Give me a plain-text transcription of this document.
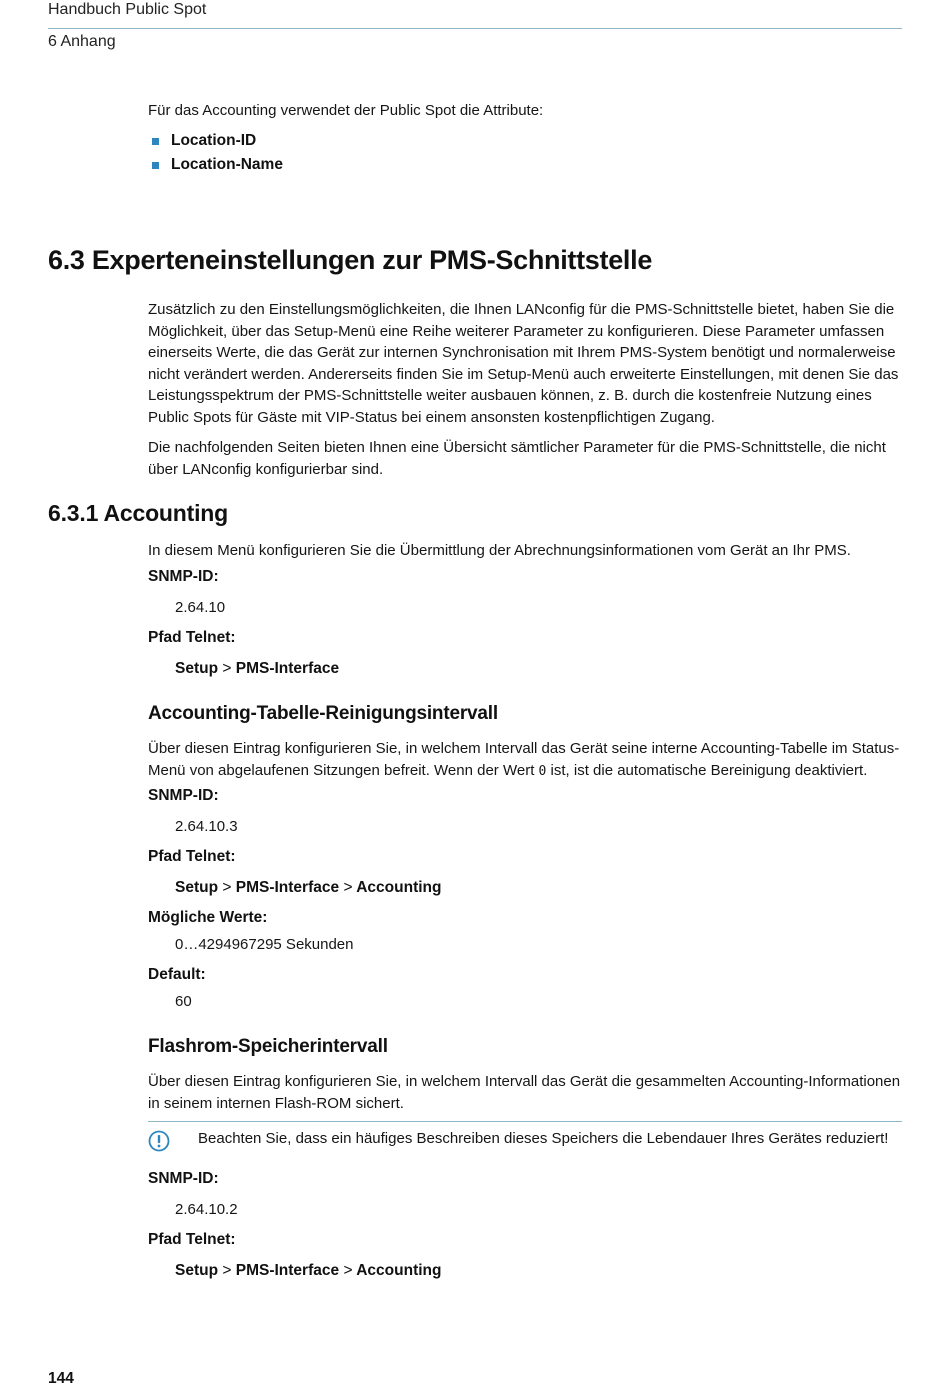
Handbuch Public Spot
6 Anhang
Für das Accounting verwendet der Public Spot die Attribute:
Location-ID
Location-Name
6.3 Experteneinstellungen zur PMS-Schnittstelle
Zusätzlich zu den Einstellungsmöglichkeiten, die Ihnen LANconfig für die PMS-Schnittstelle bietet, haben Sie die Möglichkeit, über das Setup-Menü eine Reihe weiterer Parameter zu konfigurieren. Diese Parameter umfassen einerseits Werte, die das Gerät zur internen Synchronisation mit Ihrem PMS-System benötigt und normalerweise nicht verändert werden. Andererseits finden Sie im Setup-Menü auch erweiterte Einstellungen, mit denen Sie das Leistungsspektrum der PMS-Schnittstelle weiter ausbauen können, z. B. durch die kostenfreie Nutzung eines Public Spots für Gäste mit VIP-Status bei einem ansonsten kostenpflichtigen Zugang.
Die nachfolgenden Seiten bieten Ihnen eine Übersicht sämtlicher Parameter für die PMS-Schnittstelle, die nicht über LANconfig konfigurierbar sind.
6.3.1 Accounting
In diesem Menü konfigurieren Sie die Übermittlung der Abrechnungsinformationen vom Gerät an Ihr PMS.
SNMP-ID:
2.64.10
Pfad Telnet:
Setup > PMS-Interface
Accounting-Tabelle-Reinigungsintervall
Über diesen Eintrag konfigurieren Sie, in welchem Intervall das Gerät seine interne Accounting-Tabelle im Status-Menü von abgelaufenen Sitzungen befreit. Wenn der Wert 0 ist, ist die automatische Bereinigung deaktiviert.
SNMP-ID:
2.64.10.3
Pfad Telnet:
Setup > PMS-Interface > Accounting
Mögliche Werte:
0…4294967295 Sekunden
Default:
60
Flashrom-Speicherintervall
Über diesen Eintrag konfigurieren Sie, in welchem Intervall das Gerät die gesammelten Accounting-Informationen in seinem internen Flash-ROM sichert.
Beachten Sie, dass ein häufiges Beschreiben dieses Speichers die Lebendauer Ihres Gerätes reduziert!
SNMP-ID:
2.64.10.2
Pfad Telnet:
Setup > PMS-Interface > Accounting
144
